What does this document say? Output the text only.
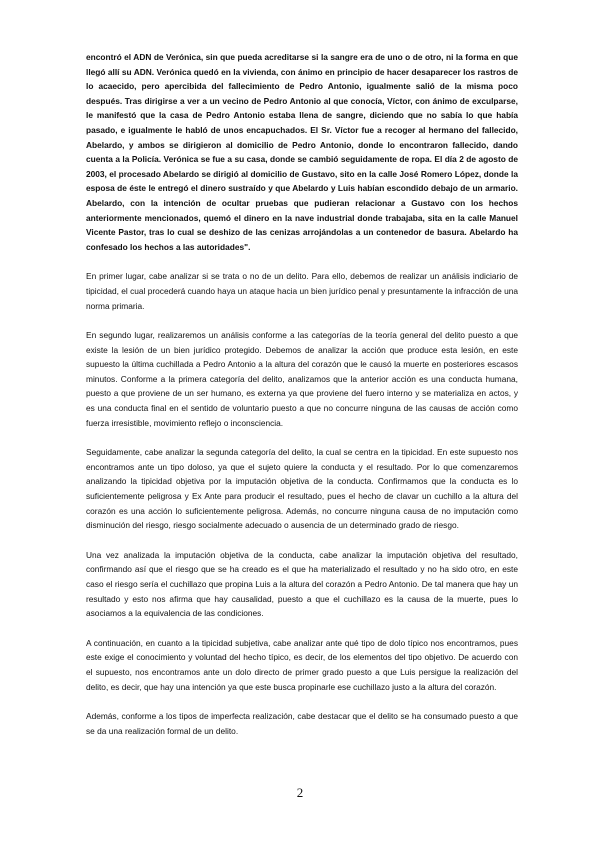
encontró el ADN de Verónica, sin que pueda acreditarse si la sangre era de uno o de otro, ni la forma en que llegó allí su ADN. Verónica quedó en la vivienda, con ánimo en principio de hacer desaparecer los rastros de lo acaecido, pero apercibida del fallecimiento de Pedro Antonio, igualmente salió de la misma poco después. Tras dirigirse a ver a un vecino de Pedro Antonio al que conocía, Víctor, con ánimo de exculparse, le manifestó que la casa de Pedro Antonio estaba llena de sangre, diciendo que no sabía lo que había pasado, e igualmente le habló de unos encapuchados. El Sr. Víctor fue a recoger al hermano del fallecido, Abelardo, y ambos se dirigieron al domicilio de Pedro Antonio, donde lo encontraron fallecido, dando cuenta a la Policía. Verónica se fue a su casa, donde se cambió seguidamente de ropa. El día 2 de agosto de 2003, el procesado Abelardo se dirigió al domicilio de Gustavo, sito en la calle José Romero López, donde la esposa de éste le entregó el dinero sustraído y que Abelardo y Luis habían escondido debajo de un armario. Abelardo, con la intención de ocultar pruebas que pudieran relacionar a Gustavo con los hechos anteriormente mencionados, quemó el dinero en la nave industrial donde trabajaba, sita en la calle Manuel Vicente Pastor, tras lo cual se deshizo de las cenizas arrojándolas a un contenedor de basura. Abelardo ha confesado los hechos a las autoridades".

En primer lugar, cabe analizar si se trata o no de un delito. Para ello, debemos de realizar un análisis indiciario de tipicidad, el cual procederá cuando haya un ataque hacia un bien jurídico penal y presuntamente la infracción de una norma primaria.

En segundo lugar, realizaremos un análisis conforme a las categorías de la teoría general del delito puesto a que existe la lesión de un bien jurídico protegido. Debemos de analizar la acción que produce esta lesión, en este supuesto la última cuchillada a Pedro Antonio a la altura del corazón que le causó la muerte en posteriores escasos minutos. Conforme a la primera categoría del delito, analizamos que la anterior acción es una conducta humana, puesto a que proviene de un ser humano, es externa ya que proviene del fuero interno y se materializa en actos, y es una conducta final en el sentido de voluntario puesto a que no concurre ninguna de las causas de acción como fuerza irresistible, movimiento reflejo o inconsciencia.

Seguidamente, cabe analizar la segunda categoría del delito, la cual se centra en la tipicidad. En este supuesto nos encontramos ante un tipo doloso, ya que el sujeto quiere la conducta y el resultado. Por lo que comenzaremos analizando la tipicidad objetiva por la imputación objetiva de la conducta. Confirmamos que la conducta es lo suficientemente peligrosa y Ex Ante para producir el resultado, pues el hecho de clavar un cuchillo a la altura del corazón es una acción lo suficientemente peligrosa. Además, no concurre ninguna causa de no imputación como disminución del riesgo, riesgo socialmente adecuado o ausencia de un determinado grado de riesgo.

Una vez analizada la imputación objetiva de la conducta, cabe analizar la imputación objetiva del resultado, confirmando así que el riesgo que se ha creado es el que ha materializado el resultado y no ha sido otro, en este caso el riesgo sería el cuchillazo que propina Luis a la altura del corazón a Pedro Antonio. De tal manera que hay un resultado y esto nos afirma que hay causalidad, puesto a que el cuchillazo es la causa de la muerte, pues lo asociamos a la equivalencia de las condiciones.

A continuación, en cuanto a la tipicidad subjetiva, cabe analizar ante qué tipo de dolo típico nos encontramos, pues este exige el conocimiento y voluntad del hecho típico, es decir, de los elementos del tipo objetivo. De acuerdo con el supuesto, nos encontramos ante un dolo directo de primer grado puesto a que Luis persigue la realización del delito, es decir, que hay una intención ya que este busca propinarle ese cuchillazo justo a la altura del corazón.

Además, conforme a los tipos de imperfecta realización, cabe destacar que el delito se ha consumado puesto a que se da una realización formal de un delito.

2
